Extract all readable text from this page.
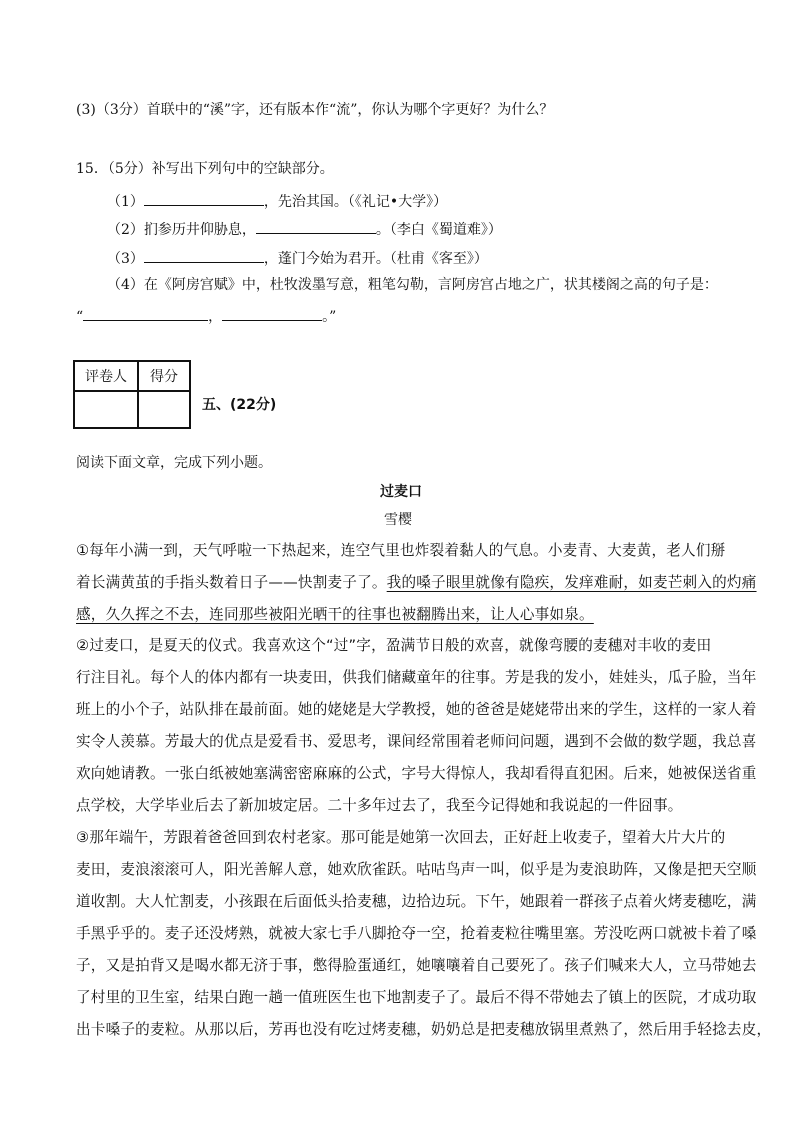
(3)（3分）首联中的“溪”字，还有版本作“流”，你认为哪个字更好？为什么？
15．（5分）补写出下列句中的空缺部分。
（1）	，先治其国。（《礼记•大学》）
（2）扪参历井仰胁息，	。（李白《蜀道难》）
（3）	，蓬门今始为君开。（杜甫《客至》）
（4）在《阿房宫赋》中，杜牧泼墨写意，粗笔勾勒，言阿房宫占地之广，状其楼阁之高的句子是：
“	，	。”
评卷人	得分

五、(22分)
阅读下面文章，完成下列小题。
过麦口
雪樱
①每年小满一到，天气呼啦一下热起来，连空气里也炸裂着黏人的气息。小麦青、大麦黄，老人们掰
着长满黄茧的手指头数着日子——快割麦子了。我的嗓子眼里就像有隐疾，发痒难耐，如麦芒刺入的灼痛
感，久久挥之不去，连同那些被阳光晒干的往事也被翻腾出来，让人心事如泉。
②过麦口，是夏天的仪式。我喜欢这个“过”字，盈满节日般的欢喜，就像弯腰的麦穗对丰收的麦田
行注目礼。每个人的体内都有一块麦田，供我们储藏童年的往事。芳是我的发小，娃娃头，瓜子脸，当年
班上的小个子，站队排在最前面。她的姥姥是大学教授，她的爸爸是姥姥带出来的学生，这样的一家人着
实令人羡慕。芳最大的优点是爱看书、爱思考，课间经常围着老师问问题，遇到不会做的数学题，我总喜
欢向她请教。一张白纸被她塞满密密麻麻的公式，字号大得惊人，我却看得直犯困。后来，她被保送省重
点学校，大学毕业后去了新加坡定居。二十多年过去了，我至今记得她和我说起的一件囧事。
③那年端午，芳跟着爸爸回到农村老家。那可能是她第一次回去，正好赶上收麦子，望着大片大片的
麦田，麦浪滚滚可人，阳光善解人意，她欢欣雀跃。咕咕鸟声一叫，似乎是为麦浪助阵，又像是把天空顺
道收割。大人忙割麦，小孩跟在后面低头拾麦穗，边拾边玩。下午，她跟着一群孩子点着火烤麦穗吃，满
手黑乎乎的。麦子还没烤熟，就被大家七手八脚抢夺一空，抢着麦粒往嘴里塞。芳没吃两口就被卡着了嗓
子，又是拍背又是喝水都无济于事，憋得脸蛋通红，她嚷嚷着自己要死了。孩子们喊来大人，立马带她去
了村里的卫生室，结果白跑一趟一值班医生也下地割麦子了。最后不得不带她去了镇上的医院，才成功取
出卡嗓子的麦粒。从那以后，芳再也没有吃过烤麦穗，奶奶总是把麦穗放锅里煮熟了，然后用手轻捻去皮，
